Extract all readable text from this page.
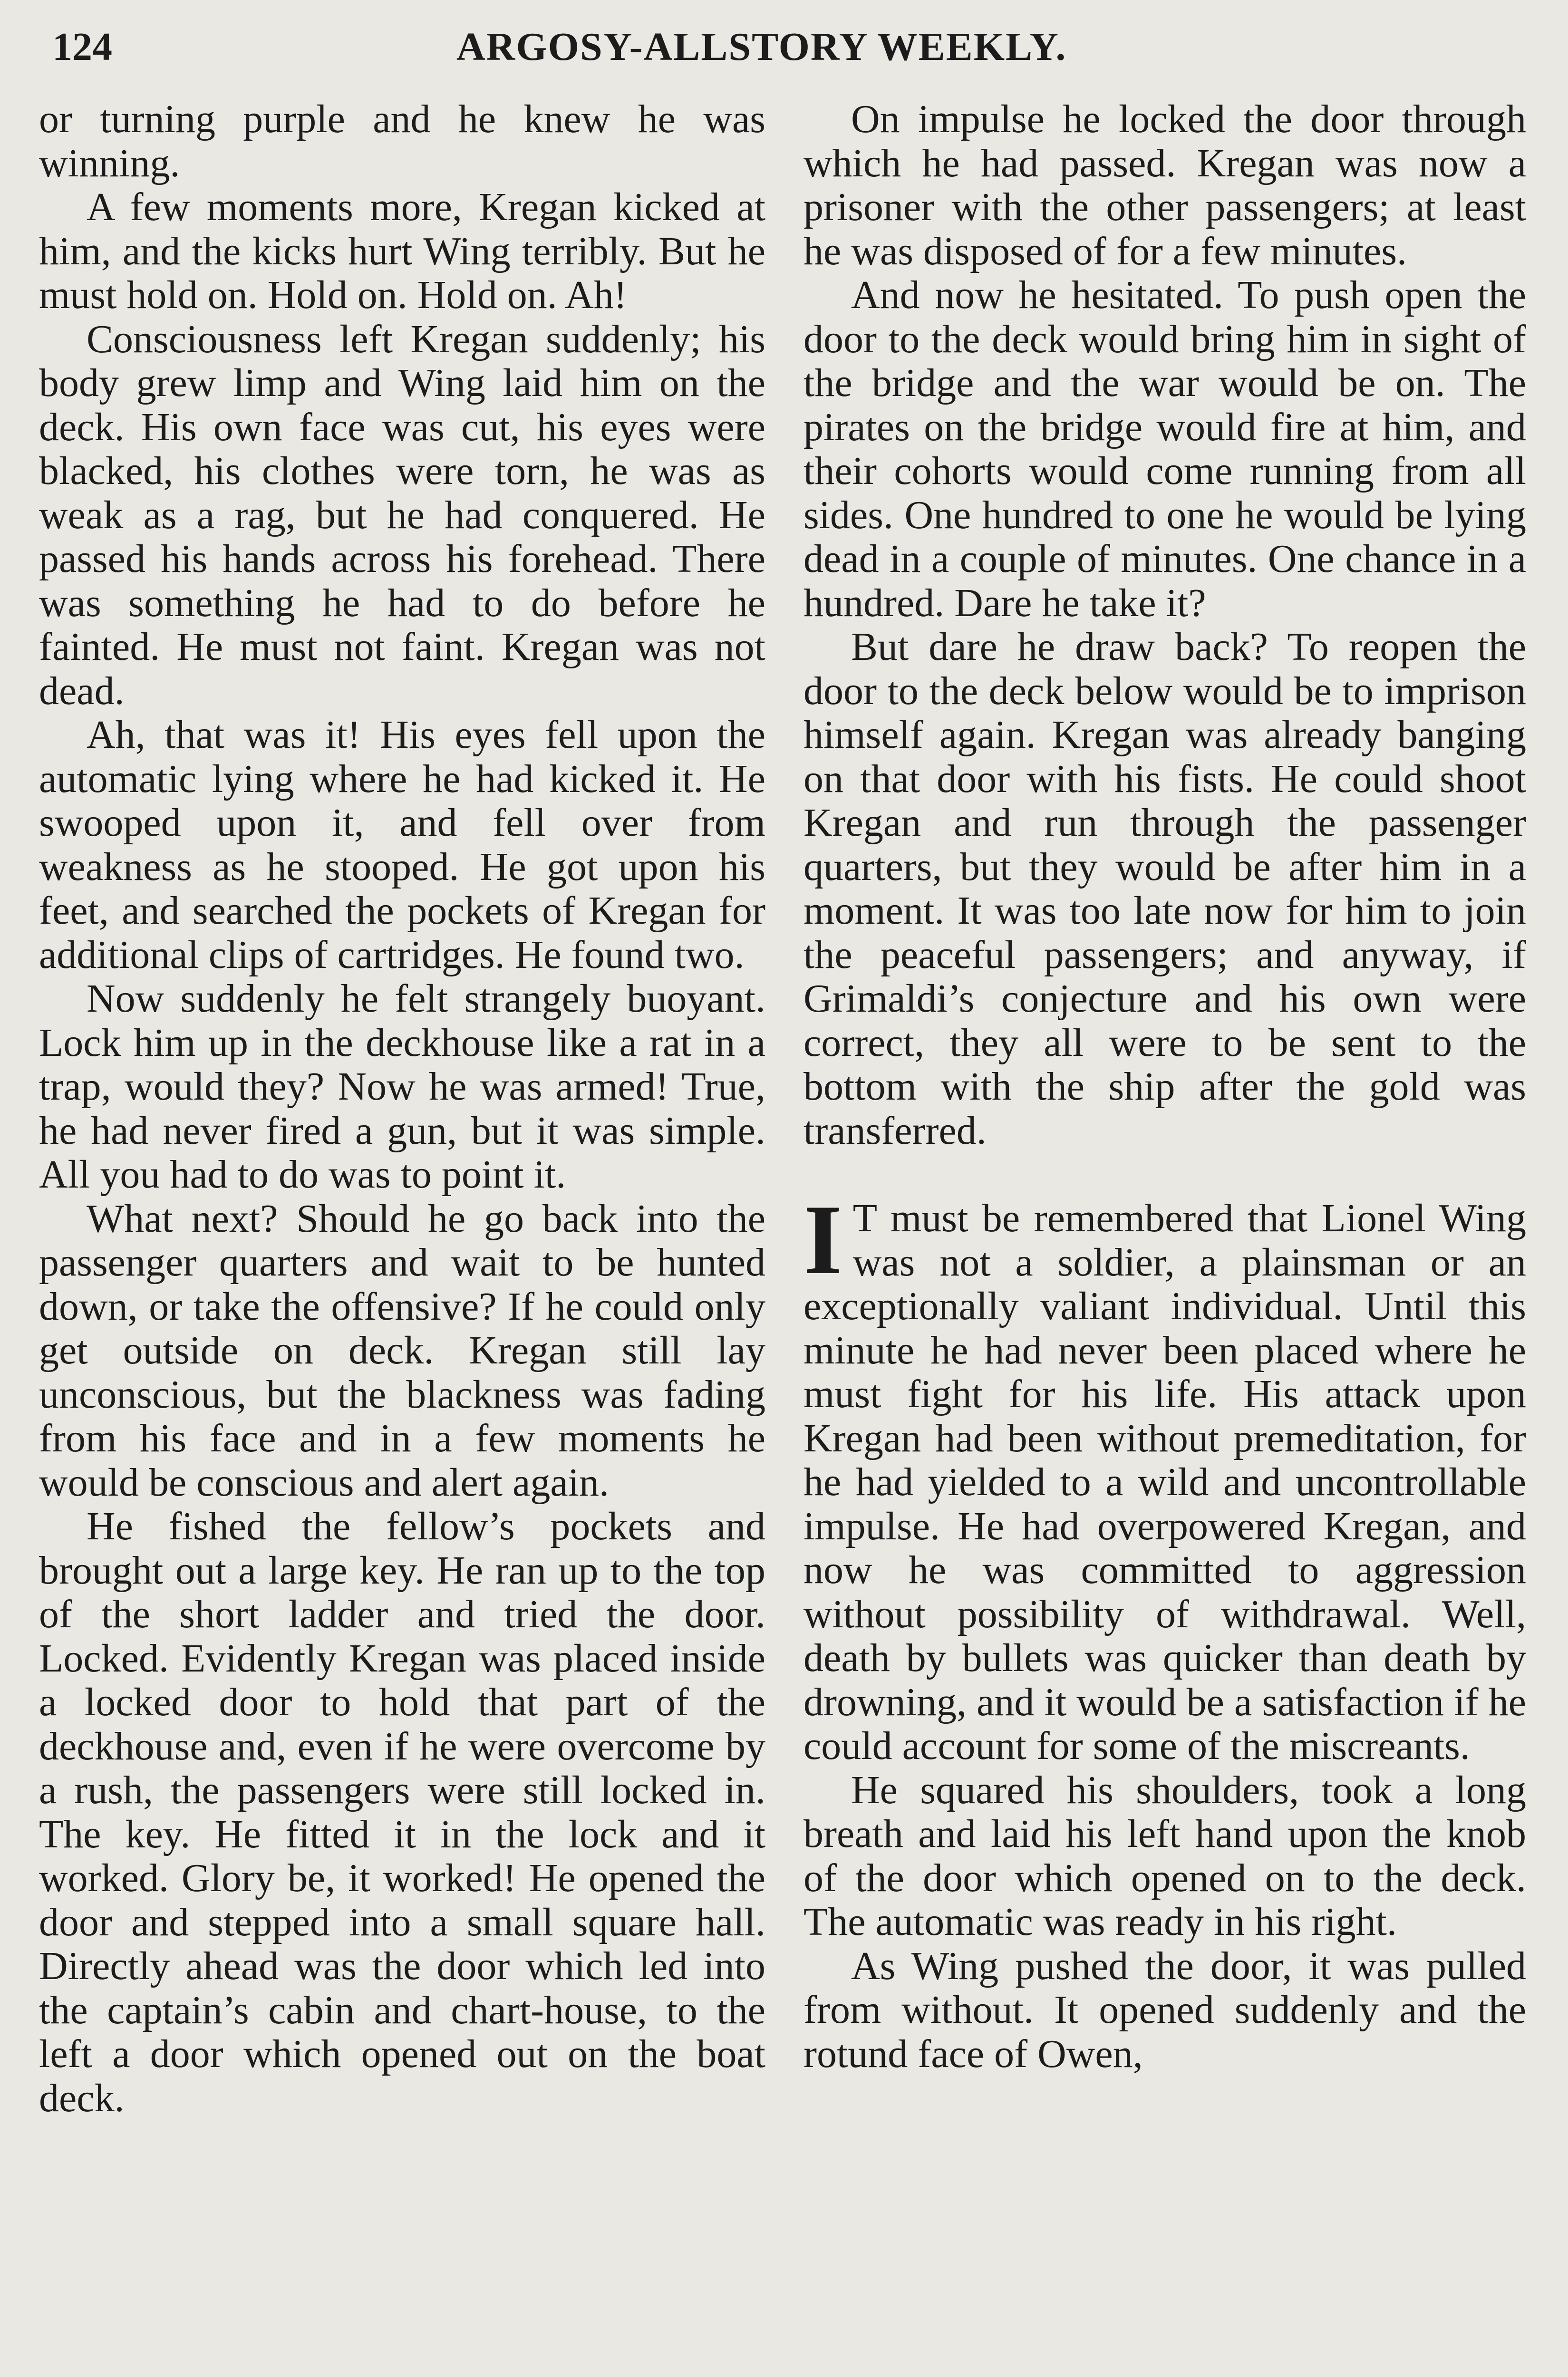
124	ARGOSY-ALLSTORY WEEKLY.

or turning purple and he knew he was winning.

A few moments more, Kregan kicked at him, and the kicks hurt Wing terribly. But he must hold on. Hold on. Hold on. Ah!

Consciousness left Kregan suddenly; his body grew limp and Wing laid him on the deck. His own face was cut, his eyes were blacked, his clothes were torn, he was as weak as a rag, but he had conquered. He passed his hands across his forehead. There was something he had to do before he fainted. He must not faint. Kregan was not dead.

Ah, that was it! His eyes fell upon the automatic lying where he had kicked it. He swooped upon it, and fell over from weakness as he stooped. He got upon his feet, and searched the pockets of Kregan for additional clips of cartridges. He found two.

Now suddenly he felt strangely buoyant. Lock him up in the deckhouse like a rat in a trap, would they? Now he was armed! True, he had never fired a gun, but it was simple. All you had to do was to point it.

What next? Should he go back into the passenger quarters and wait to be hunted down, or take the offensive? If he could only get outside on deck. Kregan still lay unconscious, but the blackness was fading from his face and in a few moments he would be conscious and alert again.

He fished the fellow’s pockets and brought out a large key. He ran up to the top of the short ladder and tried the door. Locked. Evidently Kregan was placed inside a locked door to hold that part of the deckhouse and, even if he were overcome by a rush, the passengers were still locked in. The key. He fitted it in the lock and it worked. Glory be, it worked! He opened the door and stepped into a small square hall. Directly ahead was the door which led into the captain’s cabin and chart-house, to the left a door which opened out on the boat deck.

On impulse he locked the door through which he had passed. Kregan was now a prisoner with the other passengers; at least he was disposed of for a few minutes.

And now he hesitated. To push open the door to the deck would bring him in sight of the bridge and the war would be on. The pirates on the bridge would fire at him, and their cohorts would come running from all sides. One hundred to one he would be lying dead in a couple of minutes. One chance in a hundred. Dare he take it?

But dare he draw back? To reopen the door to the deck below would be to imprison himself again. Kregan was already banging on that door with his fists. He could shoot Kregan and run through the passenger quarters, but they would be after him in a moment. It was too late now for him to join the peaceful passengers; and anyway, if Grimaldi’s conjecture and his own were correct, they all were to be sent to the bottom with the ship after the gold was transferred.

I T must be remembered that Lionel Wing was not a soldier, a plainsman or an exceptionally valiant individual. Until this minute he had never been placed where he must fight for his life. His attack upon Kregan had been without premeditation, for he had yielded to a wild and uncontrollable impulse. He had overpowered Kregan, and now he was committed to aggression without possibility of withdrawal. Well, death by bullets was quicker than death by drowning, and it would be a satisfaction if he could account for some of the miscreants.

He squared his shoulders, took a long breath and laid his left hand upon the knob of the door which opened on to the deck. The automatic was ready in his right.

As Wing pushed the door, it was pulled from without. It opened suddenly and the rotund face of Owen,
